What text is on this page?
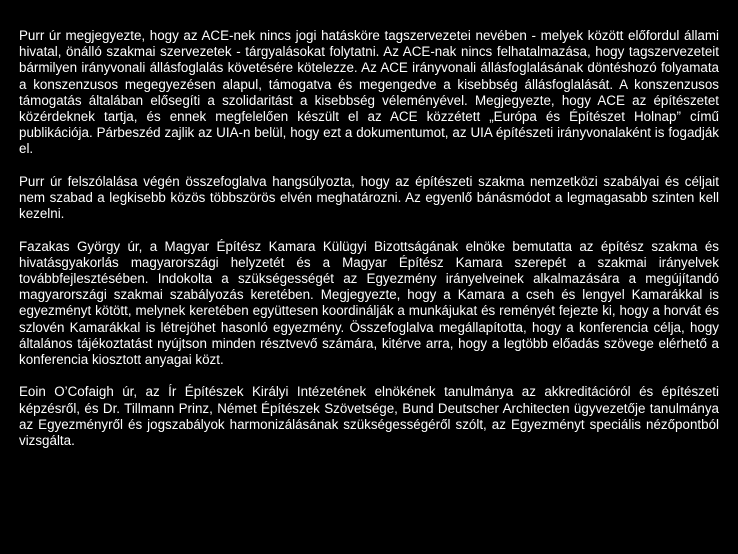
Purr úr megjegyezte, hogy az ACE-nek nincs jogi hatásköre tagszervezetei nevében - melyek között előfordul állami hivatal, önálló szakmai szervezetek - tárgyalásokat folytatni. Az ACE-nak nincs felhatalmazása, hogy tagszervezeteit bármilyen irányvonali állásfoglalás követésére kötelezze. Az ACE irányvonali állásfoglalásának döntéshozó folyamata a konszenzusos megegyezésen alapul, támogatva és megengedve a kisebbség állásfoglalását. A konszenzusos támogatás általában elősegíti a szolidaritást a kisebbség véleményével. Megjegyezte, hogy ACE az építészetet közérdeknek tartja, és ennek megfelelően készült el az ACE közzétett „Európa és Építészet Holnap” című publikációja. Párbeszéd zajlik az UIA-n belül, hogy ezt a dokumentumot, az UIA építészeti irányvonalaként is fogadják el.

Purr úr felszólalása végén összefoglalva hangsúlyozta, hogy az építészeti szakma nemzetközi szabályai és céljait nem szabad a legkisebb közös többszörös elvén meghatározni. Az egyenlő bánásmódot a legmagasabb szinten kell kezelni.

Fazakas György úr, a Magyar Építész Kamara Külügyi Bizottságának elnöke bemutatta az építész szakma és hivatásgyakorlás magyarországi helyzetét és a Magyar Építész Kamara szerepét a szakmai irányelvek továbbfejlesztésében. Indokolta a szükségességét az Egyezmény irányelveinek alkalmazására a megújítandó magyarországi szakmai szabályozás keretében. Megjegyezte, hogy a Kamara a cseh és lengyel Kamarákkal is egyezményt kötött, melynek keretében együttesen koordinálják a munkájukat és reményét fejezte ki, hogy a horvát és szlovén Kamarákkal is létrejöhet hasonló egyezmény. Összefoglalva megállapította, hogy a konferencia célja, hogy általános tájékoztatást nyújtson minden résztvevő számára, kitérve arra, hogy a legtöbb előadás szövege elérhető a konferencia kiosztott anyagai közt.

Eoin O’Cofaigh úr, az Ír Építészek Királyi Intézetének elnökének tanulmánya az akkreditációról és építészeti képzésről, és Dr. Tillmann Prinz, Német Építészek Szövetsége, Bund Deutscher Architecten ügyvezetője tanulmánya az Egyezményről és jogszabályok harmonizálásának szükségességéről szólt, az Egyezményt speciális nézőpontból vizsgálta.
